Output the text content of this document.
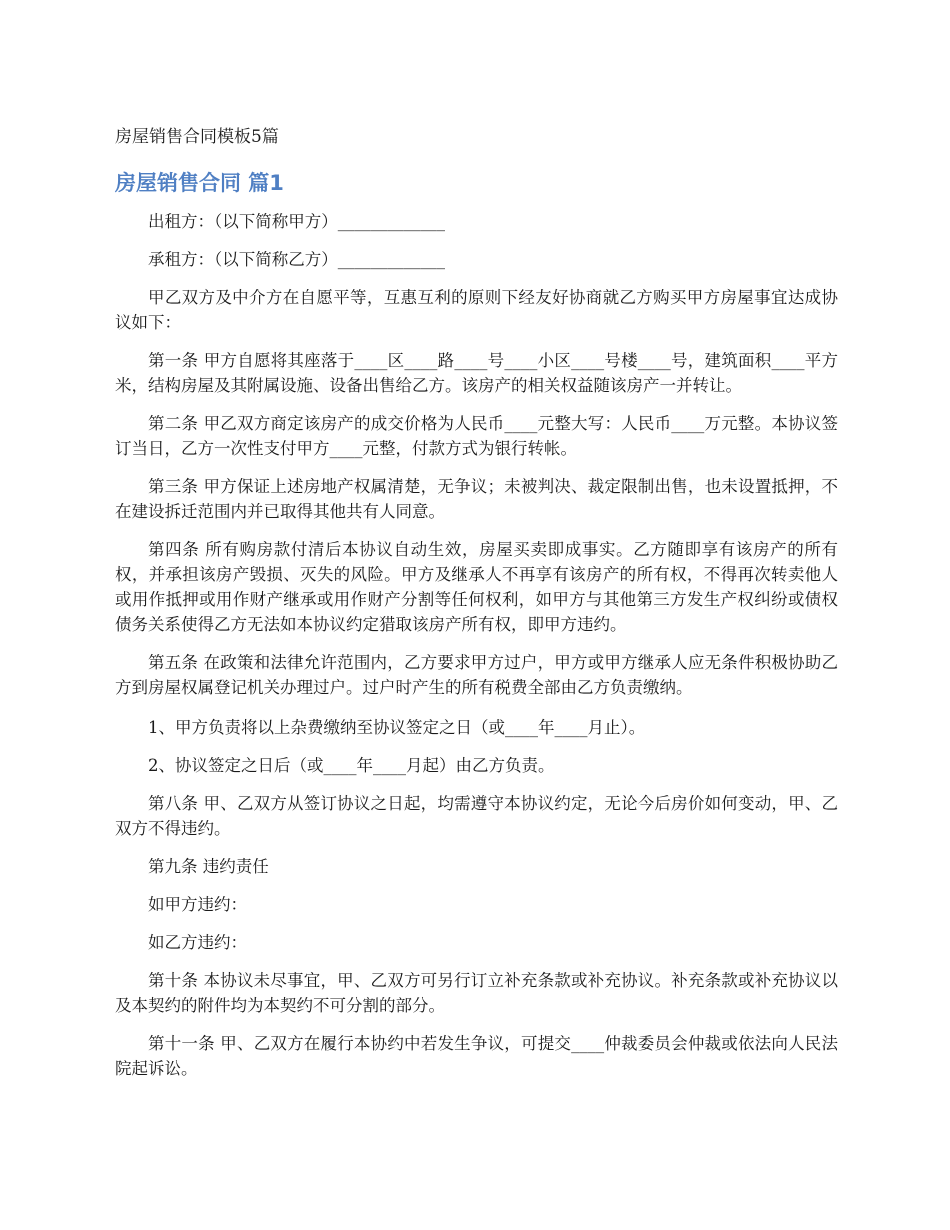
房屋销售合同模板5篇
房屋销售合同 篇1

出租方：（以下简称甲方）_____________

承租方：（以下简称乙方）_____________

甲乙双方及中介方在自愿平等，互惠互利的原则下经友好协商就乙方购买甲方房屋事宜达成协议如下：

第一条 甲方自愿将其座落于____区____路____号____小区____号楼____号，建筑面积____平方米，结构房屋及其附属设施、设备出售给乙方。该房产的相关权益随该房产一并转让。

第二条 甲乙双方商定该房产的成交价格为人民币____元整大写：人民币____万元整。本协议签订当日，乙方一次性支付甲方____元整，付款方式为银行转帐。

第三条 甲方保证上述房地产权属清楚，无争议；未被判决、裁定限制出售，也未设置抵押，不在建设拆迁范围内并已取得其他共有人同意。

第四条 所有购房款付清后本协议自动生效，房屋买卖即成事实。乙方随即享有该房产的所有权，并承担该房产毁损、灭失的风险。甲方及继承人不再享有该房产的所有权，不得再次转卖他人或用作抵押或用作财产继承或用作财产分割等任何权利，如甲方与其他第三方发生产权纠纷或债权债务关系使得乙方无法如本协议约定猎取该房产所有权，即甲方违约。

第五条 在政策和法律允许范围内，乙方要求甲方过户，甲方或甲方继承人应无条件积极协助乙方到房屋权属登记机关办理过户。过户时产生的所有税费全部由乙方负责缴纳。

1、甲方负责将以上杂费缴纳至协议签定之日（或____年____月止）。

2、协议签定之日后（或____年____月起）由乙方负责。

第八条 甲、乙双方从签订协议之日起，均需遵守本协议约定，无论今后房价如何变动，甲、乙双方不得违约。

第九条 违约责任

如甲方违约：

如乙方违约：

第十条 本协议未尽事宜，甲、乙双方可另行订立补充条款或补充协议。补充条款或补充协议以及本契约的附件均为本契约不可分割的部分。

第十一条 甲、乙双方在履行本协约中若发生争议，可提交____仲裁委员会仲裁或依法向人民法院起诉讼。
